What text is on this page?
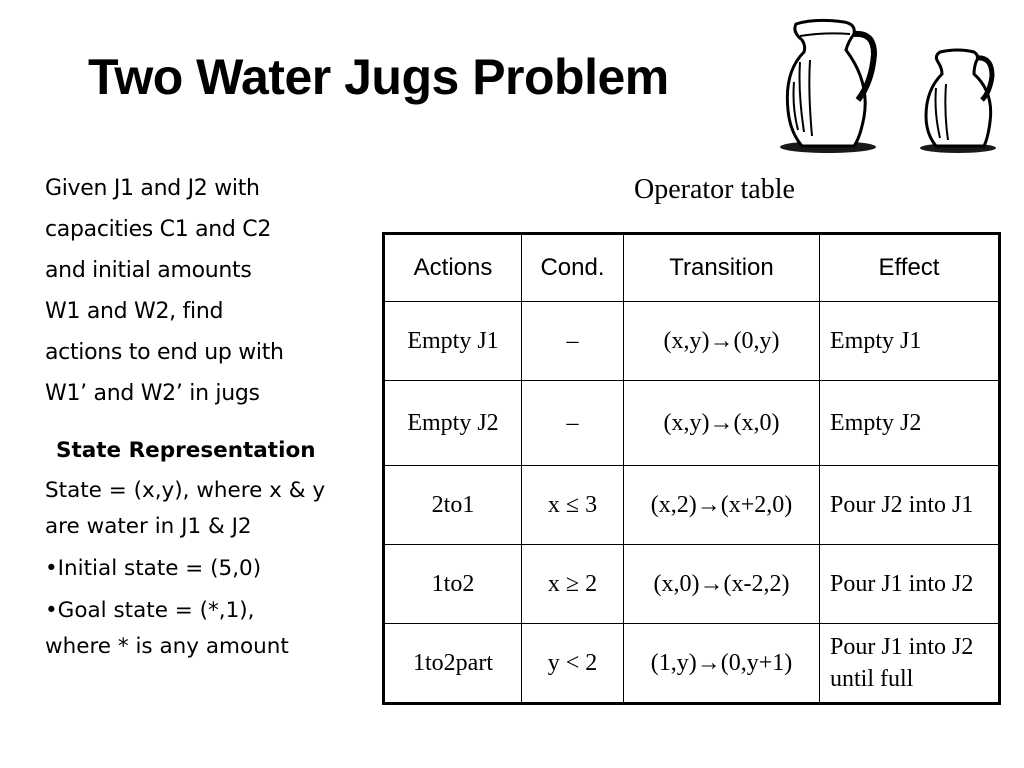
Two Water Jugs Problem
Given J1 and J2 with
capacities C1 and C2
and initial amounts
W1 and W2, find
actions to end up with
W1’ and W2’ in jugs
State Representation
State = (x,y), where x & y
are water in J1 & J2
•Initial state = (5,0)
•Goal state = (*,1),
where * is any amount
Operator table
Actions	Cond.	Transition	Effect
Empty J1	–	(x,y)→(0,y)	Empty J1
Empty J2	–	(x,y)→(x,0)	Empty J2
2to1	x ≤ 3	(x,2)→(x+2,0)	Pour J2 into J1
1to2	x ≥ 2	(x,0)→(x-2,2)	Pour J1 into J2
1to2part	y < 2	(1,y)→(0,y+1)	Pour J1 into J2 until full
